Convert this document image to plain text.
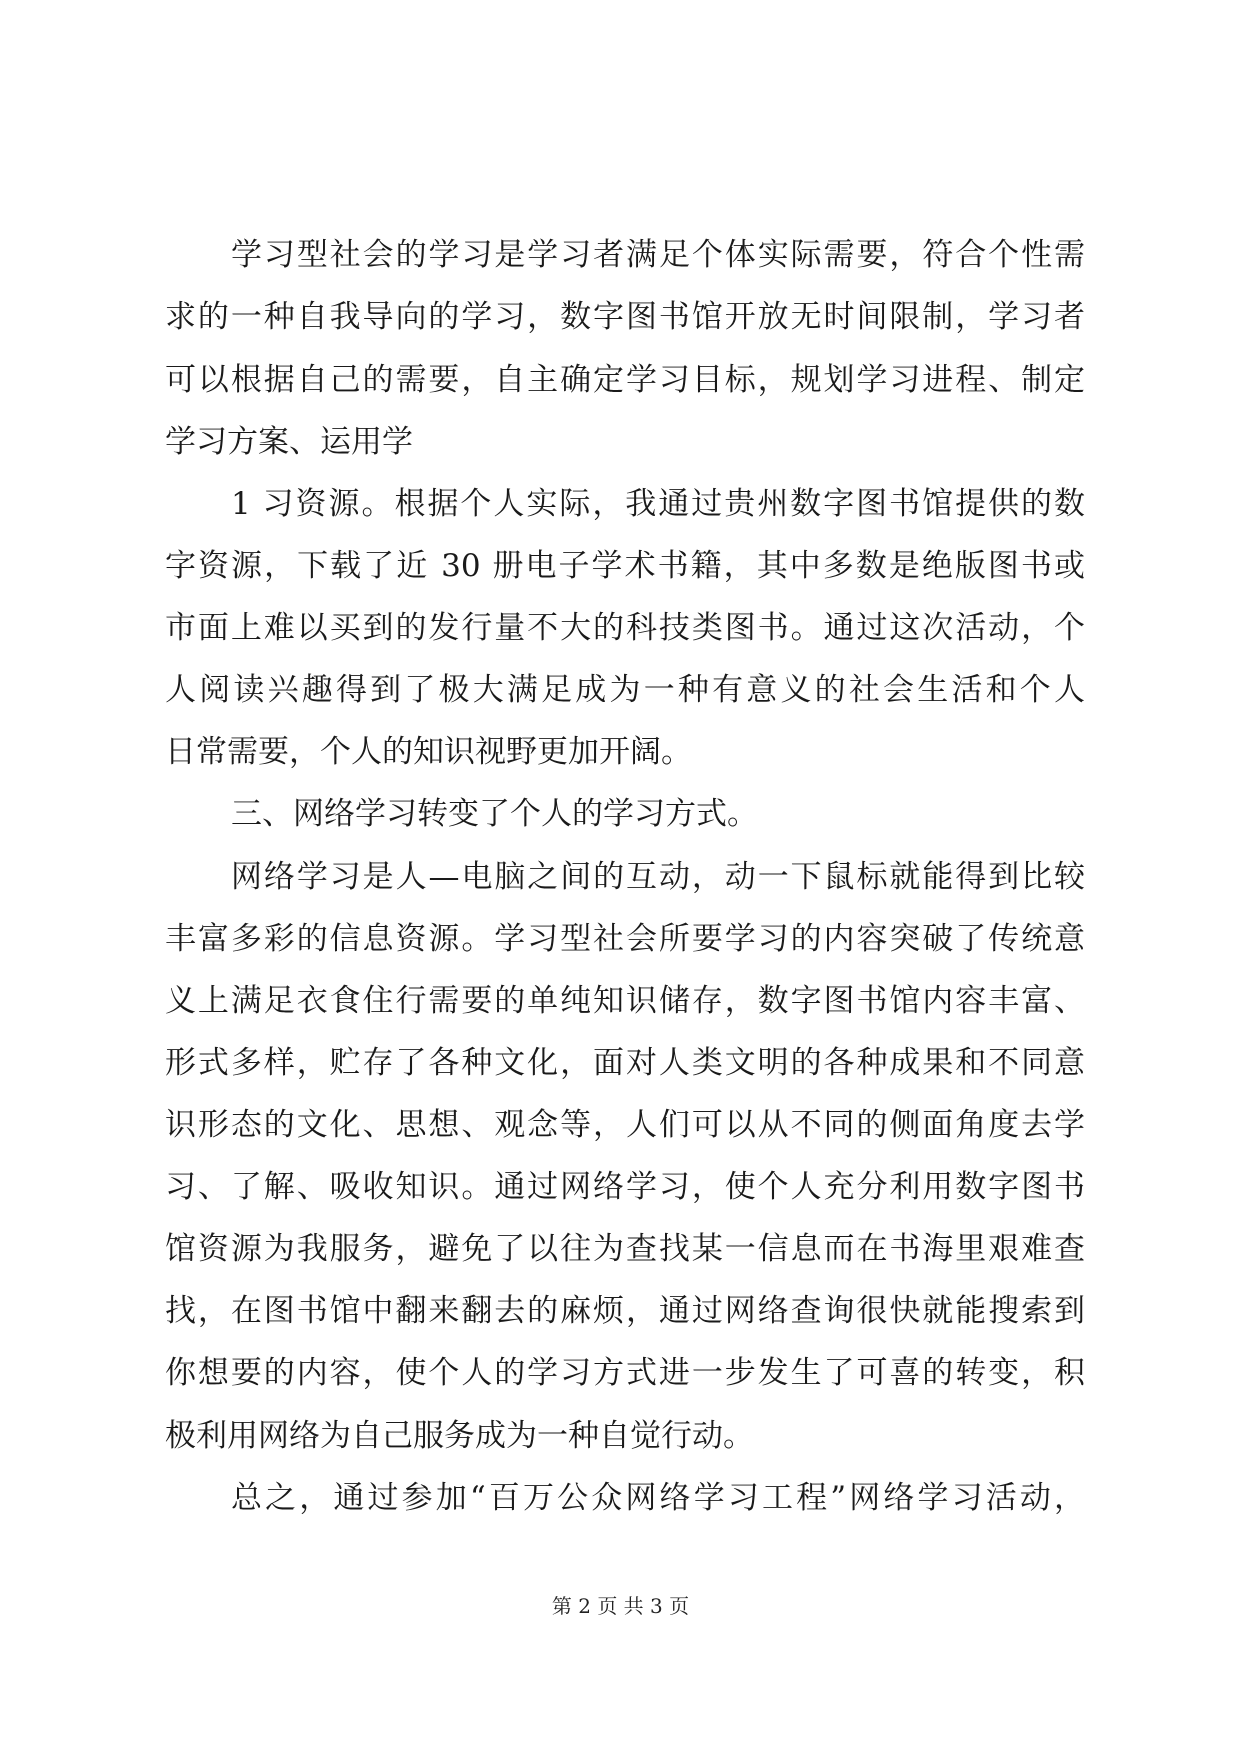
学习型社会的学习是学习者满足个体实际需要，符合个性需
求的一种自我导向的学习，数字图书馆开放无时间限制，学习者
可以根据自己的需要，自主确定学习目标，规划学习进程、制定
学习方案、运用学
1 习资源。根据个人实际，我通过贵州数字图书馆提供的数
字资源，下载了近 30 册电子学术书籍，其中多数是绝版图书或
市面上难以买到的发行量不大的科技类图书。通过这次活动，个
人阅读兴趣得到了极大满足成为一种有意义的社会生活和个人
日常需要，个人的知识视野更加开阔。
三、网络学习转变了个人的学习方式。
网络学习是人—电脑之间的互动，动一下鼠标就能得到比较
丰富多彩的信息资源。学习型社会所要学习的内容突破了传统意
义上满足衣食住行需要的单纯知识储存，数字图书馆内容丰富、
形式多样，贮存了各种文化，面对人类文明的各种成果和不同意
识形态的文化、思想、观念等，人们可以从不同的侧面角度去学
习、了解、吸收知识。通过网络学习，使个人充分利用数字图书
馆资源为我服务，避免了以往为查找某一信息而在书海里艰难查
找，在图书馆中翻来翻去的麻烦，通过网络查询很快就能搜索到
你想要的内容，使个人的学习方式进一步发生了可喜的转变，积
极利用网络为自己服务成为一种自觉行动。
总之，通过参加“百万公众网络学习工程”网络学习活动，
第 2 页 共 3 页
